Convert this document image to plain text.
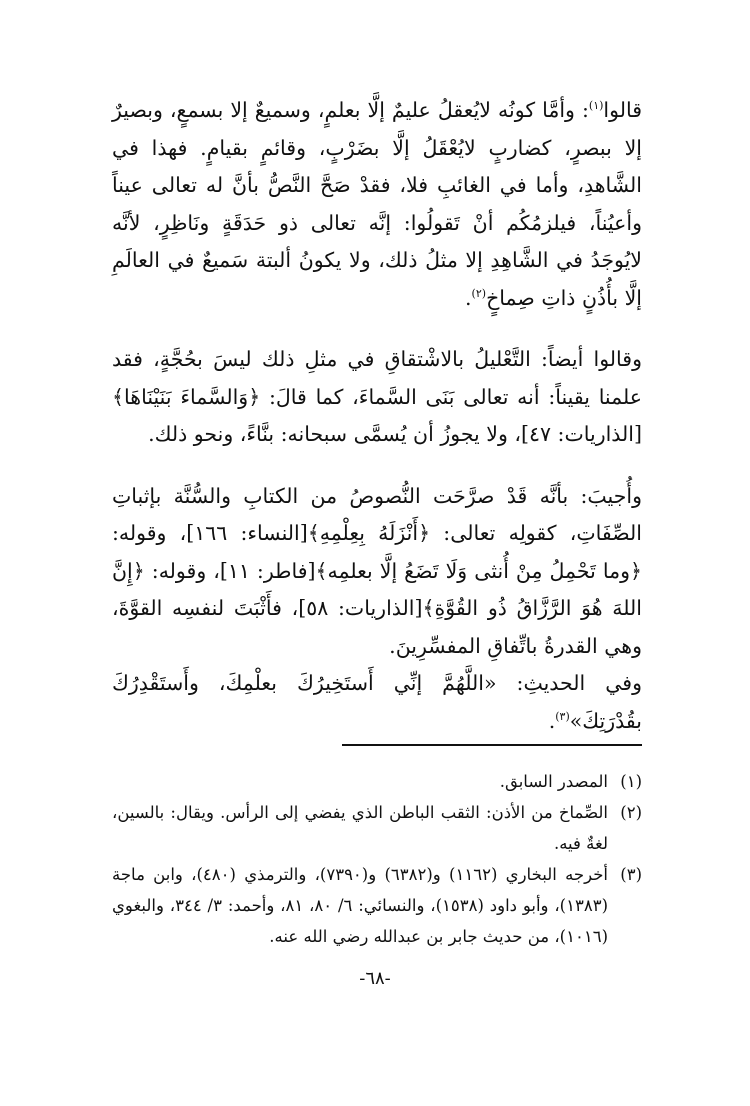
قالوا$^{(١)}$: وأمَّا كونُه لايُعقلُ عليمٌ إلَّا بعلمٍ، وسميعٌ إلا بسمعٍ، وبصيرٌ إلا ببصرٍ، كضاربٍ لايُعْقَلُ إلَّا بضَرْبٍ، وقائمٍ بقيامٍ. فهذا في الشَّاهدِ، وأما في الغائبِ فلا، فقدْ صَحَّ النَّصُّ بأنَّ له تعالى عيناً وأعيُناً، فيلزمُكُم أنْ تَقولُوا: إنَّه تعالى ذو حَدَقَةٍ ونَاظِرٍ، لأنَّه لايُوجَدُ في الشَّاهِدِ إلا مثلُ ذلك، ولا يكونُ ألبتة سَميعٌ في العالَمِ إلَّا بأُذُنٍ ذاتِ صِماخٍ$^{(٢)}$.

وقالوا أيضاً: التَّعْليلُ بالاشْتقاقِ في مثلِ ذلك ليسَ بحُجَّةٍ، فقد علمنا يقيناً: أنه تعالى بَنَى السَّماءَ، كما قالَ: ﴿وَالسَّماءَ بَنَيْنَاهَا﴾[الذاريات: ٤٧]، ولا يجوزُ أن يُسمَّى سبحانه: بنَّاءً، ونحو ذلك.

وأُجيبَ: بأنَّه قَدْ صرَّحَت النُّصوصُ من الكتابِ والسُّنَّة بإثباتِ الصِّفَاتِ، كقولِه تعالى: ﴿أَنْزَلَهُ بِعِلْمِهِ﴾[النساء: ١٦٦]، وقوله: ﴿وما تَحْمِلُ مِنْ أُنثى وَلَا تَضَعُ إلَّا بعلمِه﴾[فاطر: ١١]، وقوله: ﴿إِنَّ اللهَ هُوَ الرَّزَّاقُ ذُو القُوَّةِ﴾[الذاريات: ٥٨]، فأَثْبَتَ لنفسِه القوَّةَ، وهي القدرةُ باتِّفاقِ المفسِّرِينَ.

وفي الحديثِ: «اللَّهُمَّ إنِّي أَستَخِيرُكَ بعلْمِكَ، وأَستَقْدِرُكَ بقُدْرَتِكَ»$^{(٣)}$.

(١)
المصدر السابق.

(٢)
الصِّماخ من الأذن: الثقب الباطن الذي يفضي إلى الرأس. ويقال: بالسين، لغةٌ فيه.

(٣)
أخرجه البخاري (١١٦٢) و(٦٣٨٢) و(٧٣٩٠)، والترمذي (٤٨٠)، وابن ماجة (١٣٨٣)، وأبو داود (١٥٣٨)، والنسائي: ٦/ ٨٠، ٨١، وأحمد: ٣/ ٣٤٤، والبغوي (١٠١٦)، من حديث جابر بن عبدالله رضي الله عنه.

-٦٨-
